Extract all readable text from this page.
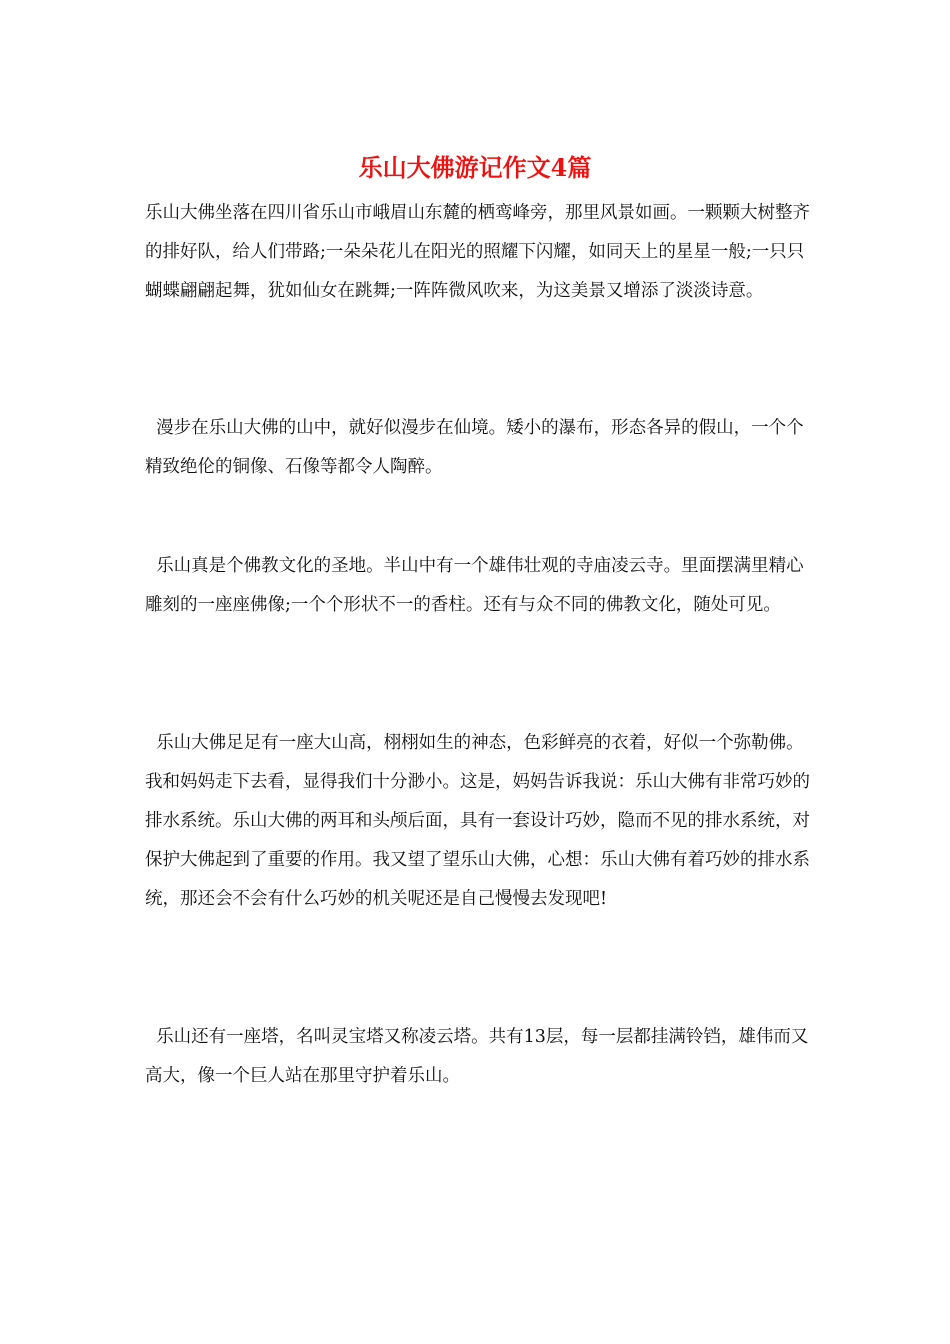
乐山大佛游记作文4篇

乐山大佛坐落在四川省乐山市峨眉山东麓的栖鸾峰旁，那里风景如画。一颗颗大树整齐的排好队，给人们带路;一朵朵花儿在阳光的照耀下闪耀，如同天上的星星一般;一只只蝴蝶翩翩起舞，犹如仙女在跳舞;一阵阵微风吹来，为这美景又增添了淡淡诗意。

漫步在乐山大佛的山中，就好似漫步在仙境。矮小的瀑布，形态各异的假山，一个个精致绝伦的铜像、石像等都令人陶醉。

乐山真是个佛教文化的圣地。半山中有一个雄伟壮观的寺庙凌云寺。里面摆满里精心雕刻的一座座佛像;一个个形状不一的香柱。还有与众不同的佛教文化，随处可见。

乐山大佛足足有一座大山高，栩栩如生的神态，色彩鲜亮的衣着，好似一个弥勒佛。我和妈妈走下去看，显得我们十分渺小。这是，妈妈告诉我说：乐山大佛有非常巧妙的排水系统。乐山大佛的两耳和头颅后面，具有一套设计巧妙，隐而不见的排水系统，对保护大佛起到了重要的作用。我又望了望乐山大佛，心想：乐山大佛有着巧妙的排水系统，那还会不会有什么巧妙的机关呢还是自己慢慢去发现吧!

乐山还有一座塔，名叫灵宝塔又称凌云塔。共有13层，每一层都挂满铃铛，雄伟而又高大，像一个巨人站在那里守护着乐山。
